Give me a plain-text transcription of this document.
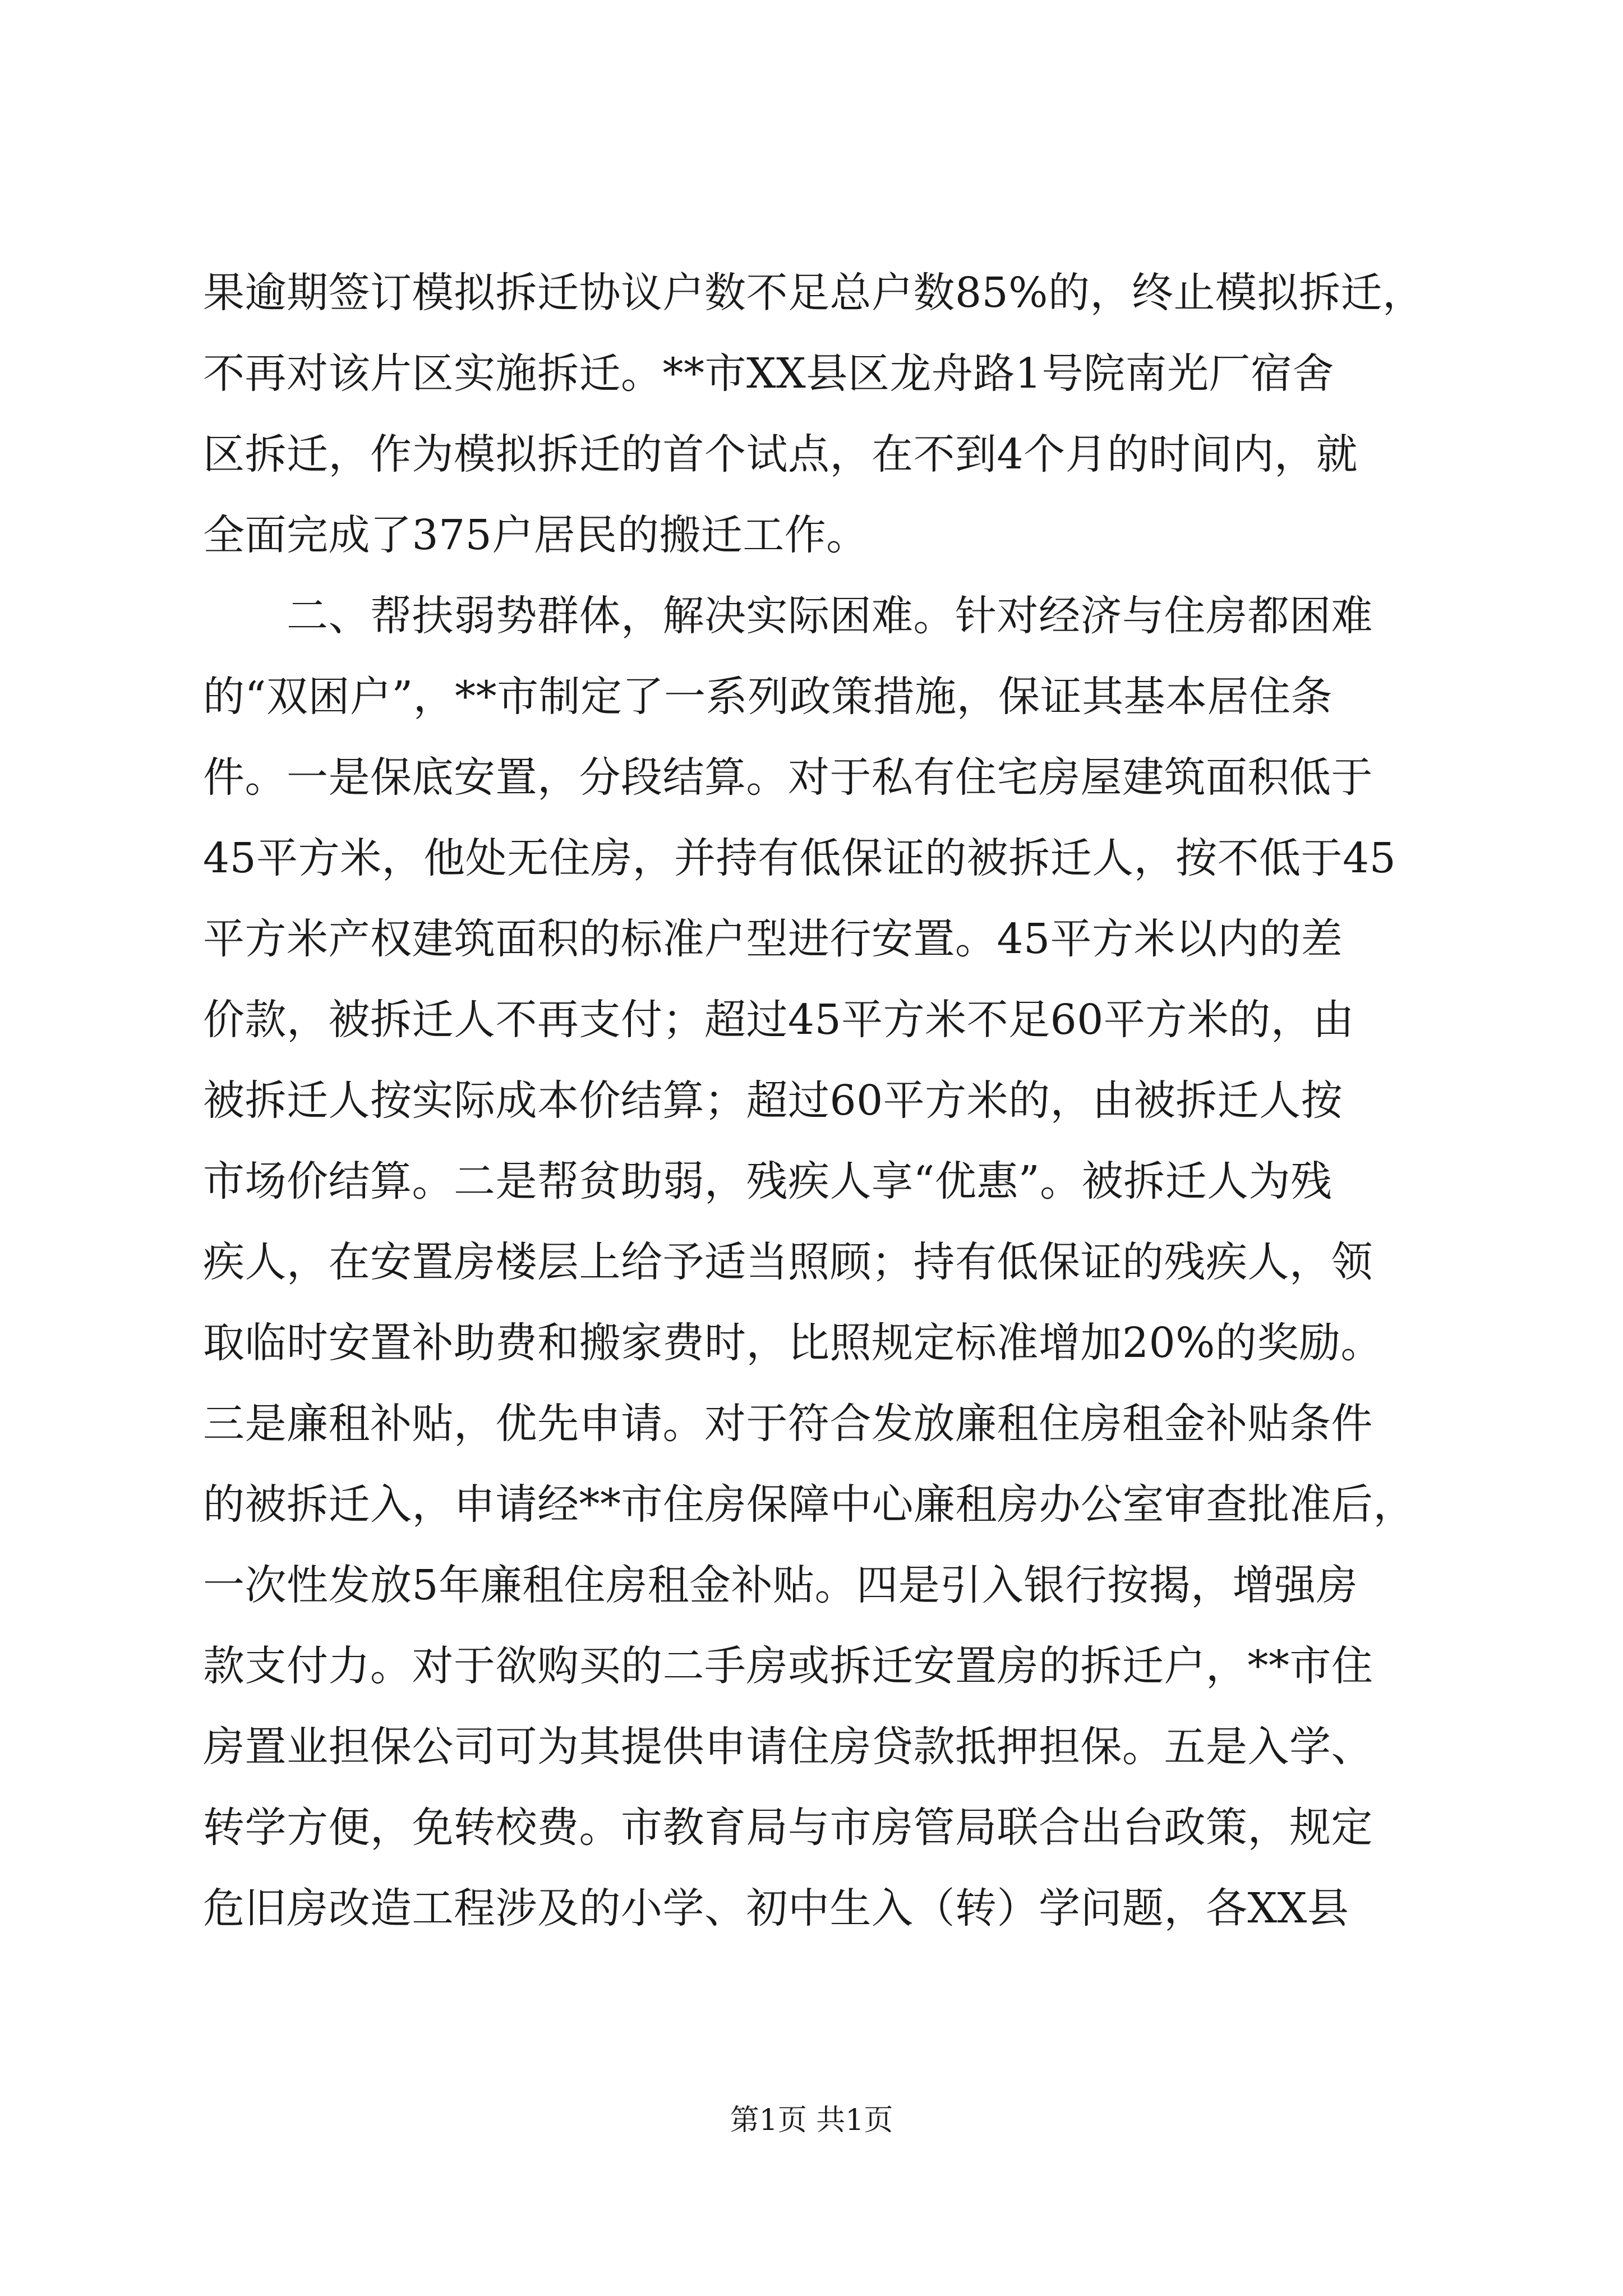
果逾期签订模拟拆迁协议户数不足总户数85%的，终止模拟拆迁，
不再对该片区实施拆迁。**市XX县区龙舟路1号院南光厂宿舍
区拆迁，作为模拟拆迁的首个试点，在不到4个月的时间内，就
全面完成了375户居民的搬迁工作。
　　二、帮扶弱势群体，解决实际困难。针对经济与住房都困难
的“双困户”，**市制定了一系列政策措施，保证其基本居住条
件。一是保底安置，分段结算。对于私有住宅房屋建筑面积低于
45平方米，他处无住房，并持有低保证的被拆迁人，按不低于45
平方米产权建筑面积的标准户型进行安置。45平方米以内的差
价款，被拆迁人不再支付；超过45平方米不足60平方米的，由
被拆迁人按实际成本价结算；超过60平方米的，由被拆迁人按
市场价结算。二是帮贫助弱，残疾人享“优惠”。被拆迁人为残
疾人，在安置房楼层上给予适当照顾；持有低保证的残疾人，领
取临时安置补助费和搬家费时，比照规定标准增加20%的奖励。
三是廉租补贴，优先申请。对于符合发放廉租住房租金补贴条件
的被拆迁入，申请经**市住房保障中心廉租房办公室审查批准后，
一次性发放5年廉租住房租金补贴。四是引入银行按揭，增强房
款支付力。对于欲购买的二手房或拆迁安置房的拆迁户，**市住
房置业担保公司可为其提供申请住房贷款抵押担保。五是入学、
转学方便，免转校费。市教育局与市房管局联合出台政策，规定
危旧房改造工程涉及的小学、初中生入（转）学问题，各XX县
第1页 共1页
